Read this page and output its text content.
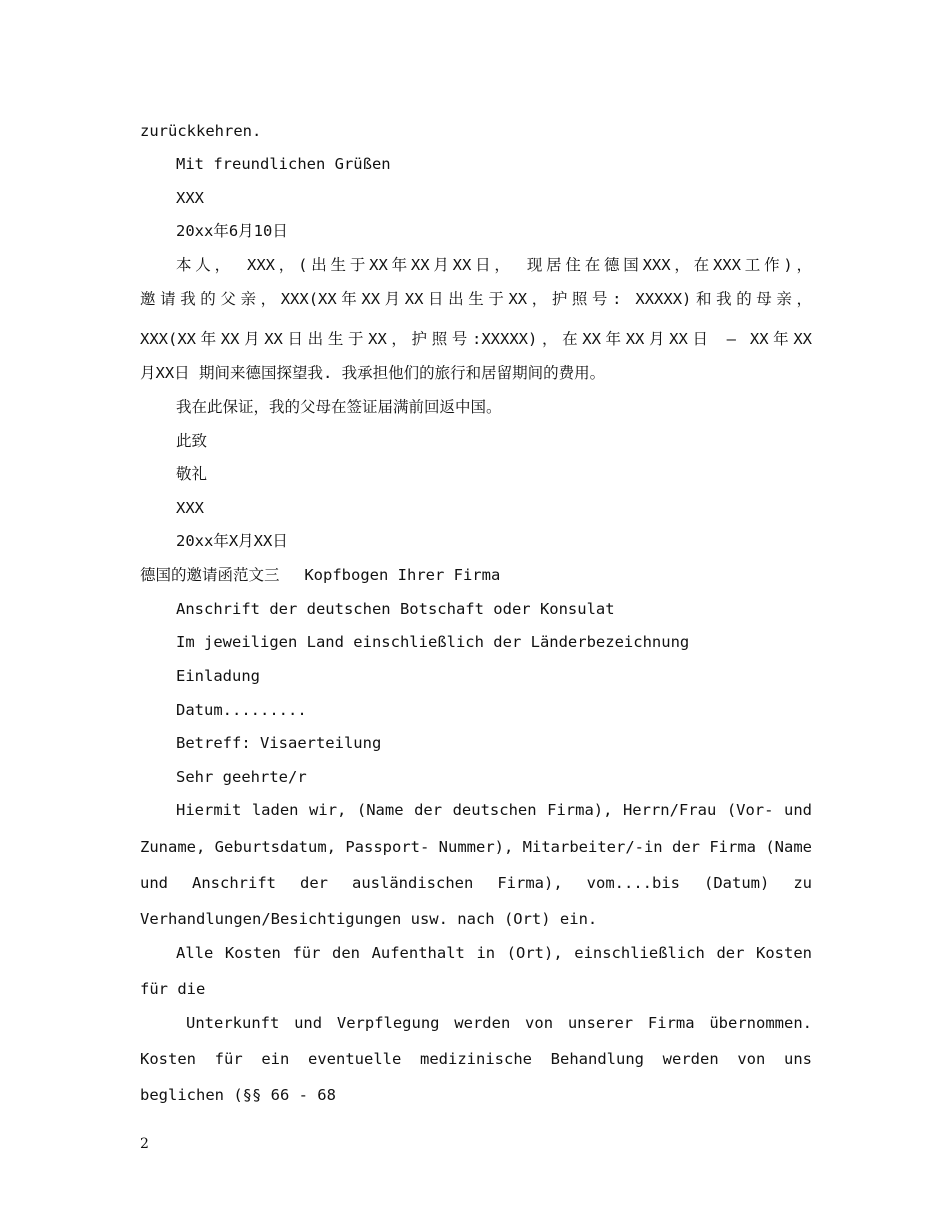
zurückkehren.
Mit freundlichen Grüßen
XXX
20xx年6月10日
本人， XXX，(出生于XX年XX月XX日， 现居住在德国XXX，在XXX工作)，
邀请我的父亲，XXX(XX年XX月XX日出生于XX，护照号: XXXXX)和我的母亲，
XXX(XX年XX月XX日出生于XX，护照号:XXXXX)，在XX年XX月XX日 — XX年XX
月XX日 期间来德国探望我. 我承担他们的旅行和居留期间的费用。
我在此保证，我的父母在签证届满前回返中国。
此致
敬礼
XXX
20xx年X月XX日
德国的邀请函范文三　 Kopfbogen Ihrer Firma
Anschrift der deutschen Botschaft oder Konsulat
Im jeweiligen Land einschließlich der Länderbezeichnung
Einladung
Datum.........
Betreff: Visaerteilung
Sehr geehrte/r
Hiermit laden wir, (Name der deutschen Firma), Herrn/Frau (Vor- und
Zuname, Geburtsdatum, Passport- Nummer), Mitarbeiter/-in der Firma (Name
und Anschrift der ausländischen Firma), vom....bis (Datum) zu
Verhandlungen/Besichtigungen usw. nach (Ort) ein.
Alle Kosten für den Aufenthalt in (Ort), einschließlich der Kosten
für die
Unterkunft und Verpflegung werden von unserer Firma übernommen.
Kosten für ein eventuelle medizinische Behandlung werden von uns
beglichen (§§ 66 - 68
2
